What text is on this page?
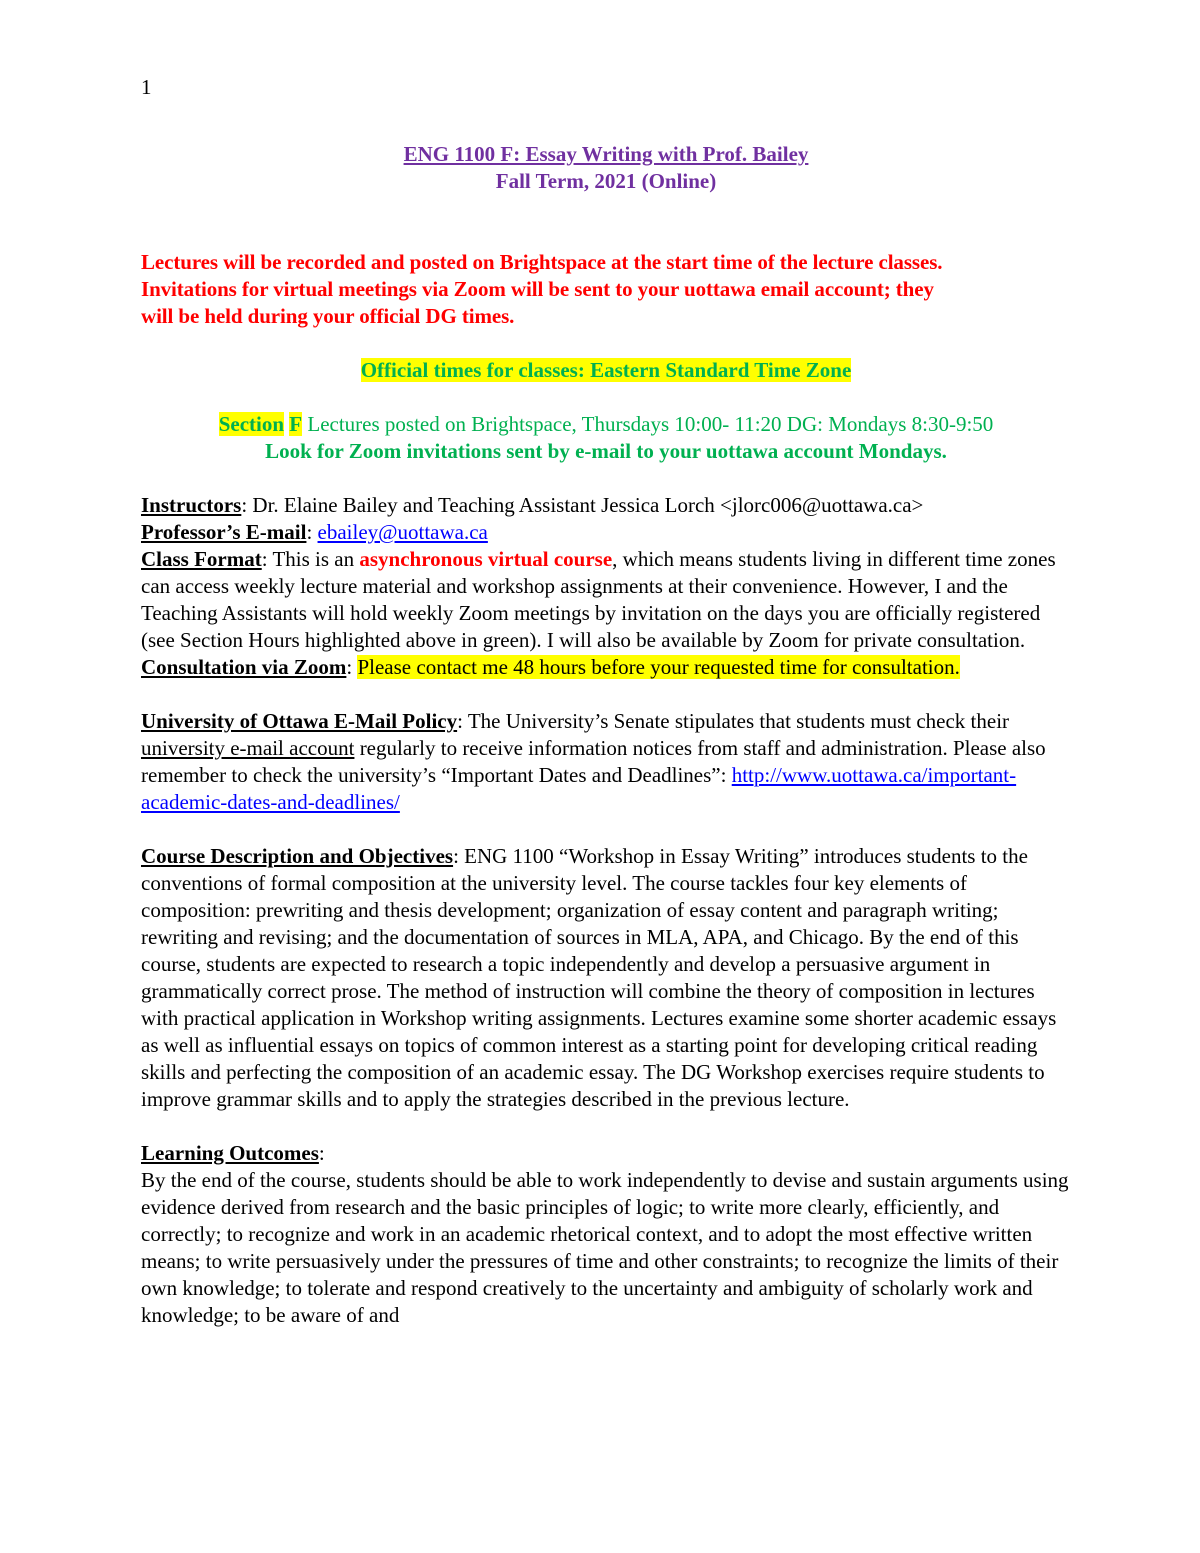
1

ENG 1100 F: Essay Writing with Prof. Bailey

Fall Term, 2021 (Online)

Lectures will be recorded and posted on Brightspace at the start time of the lecture classes.

Invitations for virtual meetings via Zoom will be sent to your uottawa email account; they

will be held during your official DG times.

Official times for classes: Eastern Standard Time Zone

Section F Lectures posted on Brightspace, Thursdays 10:00- 11:20 DG: Mondays 8:30-9:50

Look for Zoom invitations sent by e-mail to your uottawa account Mondays.

Instructors: Dr. Elaine Bailey and Teaching Assistant Jessica Lorch <jlorc006@uottawa.ca>

Professor’s E-mail: ebailey@uottawa.ca

Class Format: This is an asynchronous virtual course, which means students living in different time zones can access weekly lecture material and workshop assignments at their convenience. However, I and the Teaching Assistants will hold weekly Zoom meetings by invitation on the days you are officially registered (see Section Hours highlighted above in green). I will also be available by Zoom for private consultation.

Consultation via Zoom: Please contact me 48 hours before your requested time for consultation.

University of Ottawa E-Mail Policy: The University’s Senate stipulates that students must check their university e-mail account regularly to receive information notices from staff and administration. Please also remember to check the university’s “Important Dates and Deadlines”: http://www.uottawa.ca/important-academic-dates-and-deadlines/

Course Description and Objectives: ENG 1100 “Workshop in Essay Writing” introduces students to the conventions of formal composition at the university level. The course tackles four key elements of composition: prewriting and thesis development; organization of essay content and paragraph writing; rewriting and revising; and the documentation of sources in MLA, APA, and Chicago. By the end of this course, students are expected to research a topic independently and develop a persuasive argument in grammatically correct prose. The method of instruction will combine the theory of composition in lectures with practical application in Workshop writing assignments. Lectures examine some shorter academic essays as well as influential essays on topics of common interest as a starting point for developing critical reading skills and perfecting the composition of an academic essay. The DG Workshop exercises require students to improve grammar skills and to apply the strategies described in the previous lecture.

Learning Outcomes:

By the end of the course, students should be able to work independently to devise and sustain arguments using evidence derived from research and the basic principles of logic; to write more clearly, efficiently, and correctly; to recognize and work in an academic rhetorical context, and to adopt the most effective written means; to write persuasively under the pressures of time and other constraints; to recognize the limits of their own knowledge; to tolerate and respond creatively to the uncertainty and ambiguity of scholarly work and knowledge; to be aware of and
